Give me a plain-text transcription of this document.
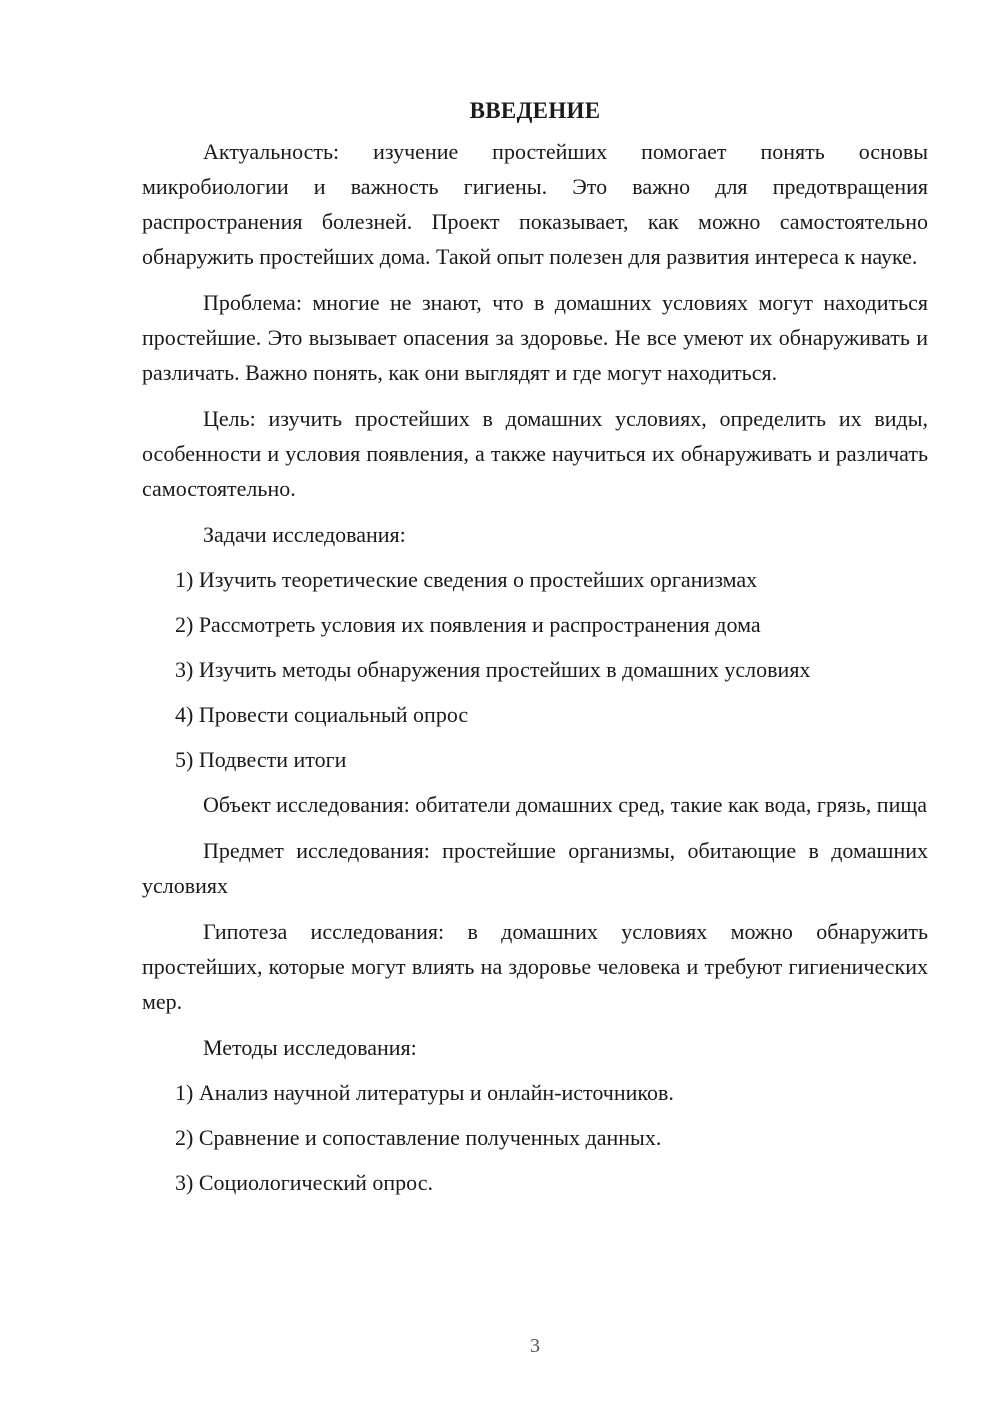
ВВЕДЕНИЕ

Актуальность: изучение простейших помогает понять основы микробиологии и важность гигиены. Это важно для предотвращения распространения болезней. Проект показывает, как можно самостоятельно обнаружить простейших дома. Такой опыт полезен для развития интереса к науке.

Проблема: многие не знают, что в домашних условиях могут находиться простейшие. Это вызывает опасения за здоровье. Не все умеют их обнаруживать и различать. Важно понять, как они выглядят и где могут находиться.

Цель: изучить простейших в домашних условиях, определить их виды, особенности и условия появления, а также научиться их обнаруживать и различать самостоятельно.

Задачи исследования:

1) Изучить теоретические сведения о простейших организмах
2) Рассмотреть условия их появления и распространения дома
3) Изучить методы обнаружения простейших в домашних условиях
4) Провести социальный опрос
5) Подвести итоги

Объект исследования: обитатели домашних сред, такие как вода, грязь, пища

Предмет исследования: простейшие организмы, обитающие в домашних условиях

Гипотеза исследования: в домашних условиях можно обнаружить простейших, которые могут влиять на здоровье человека и требуют гигиенических мер.

Методы исследования:

1) Анализ научной литературы и онлайн-источников.
2) Сравнение и сопоставление полученных данных.
3) Социологический опрос.
3
